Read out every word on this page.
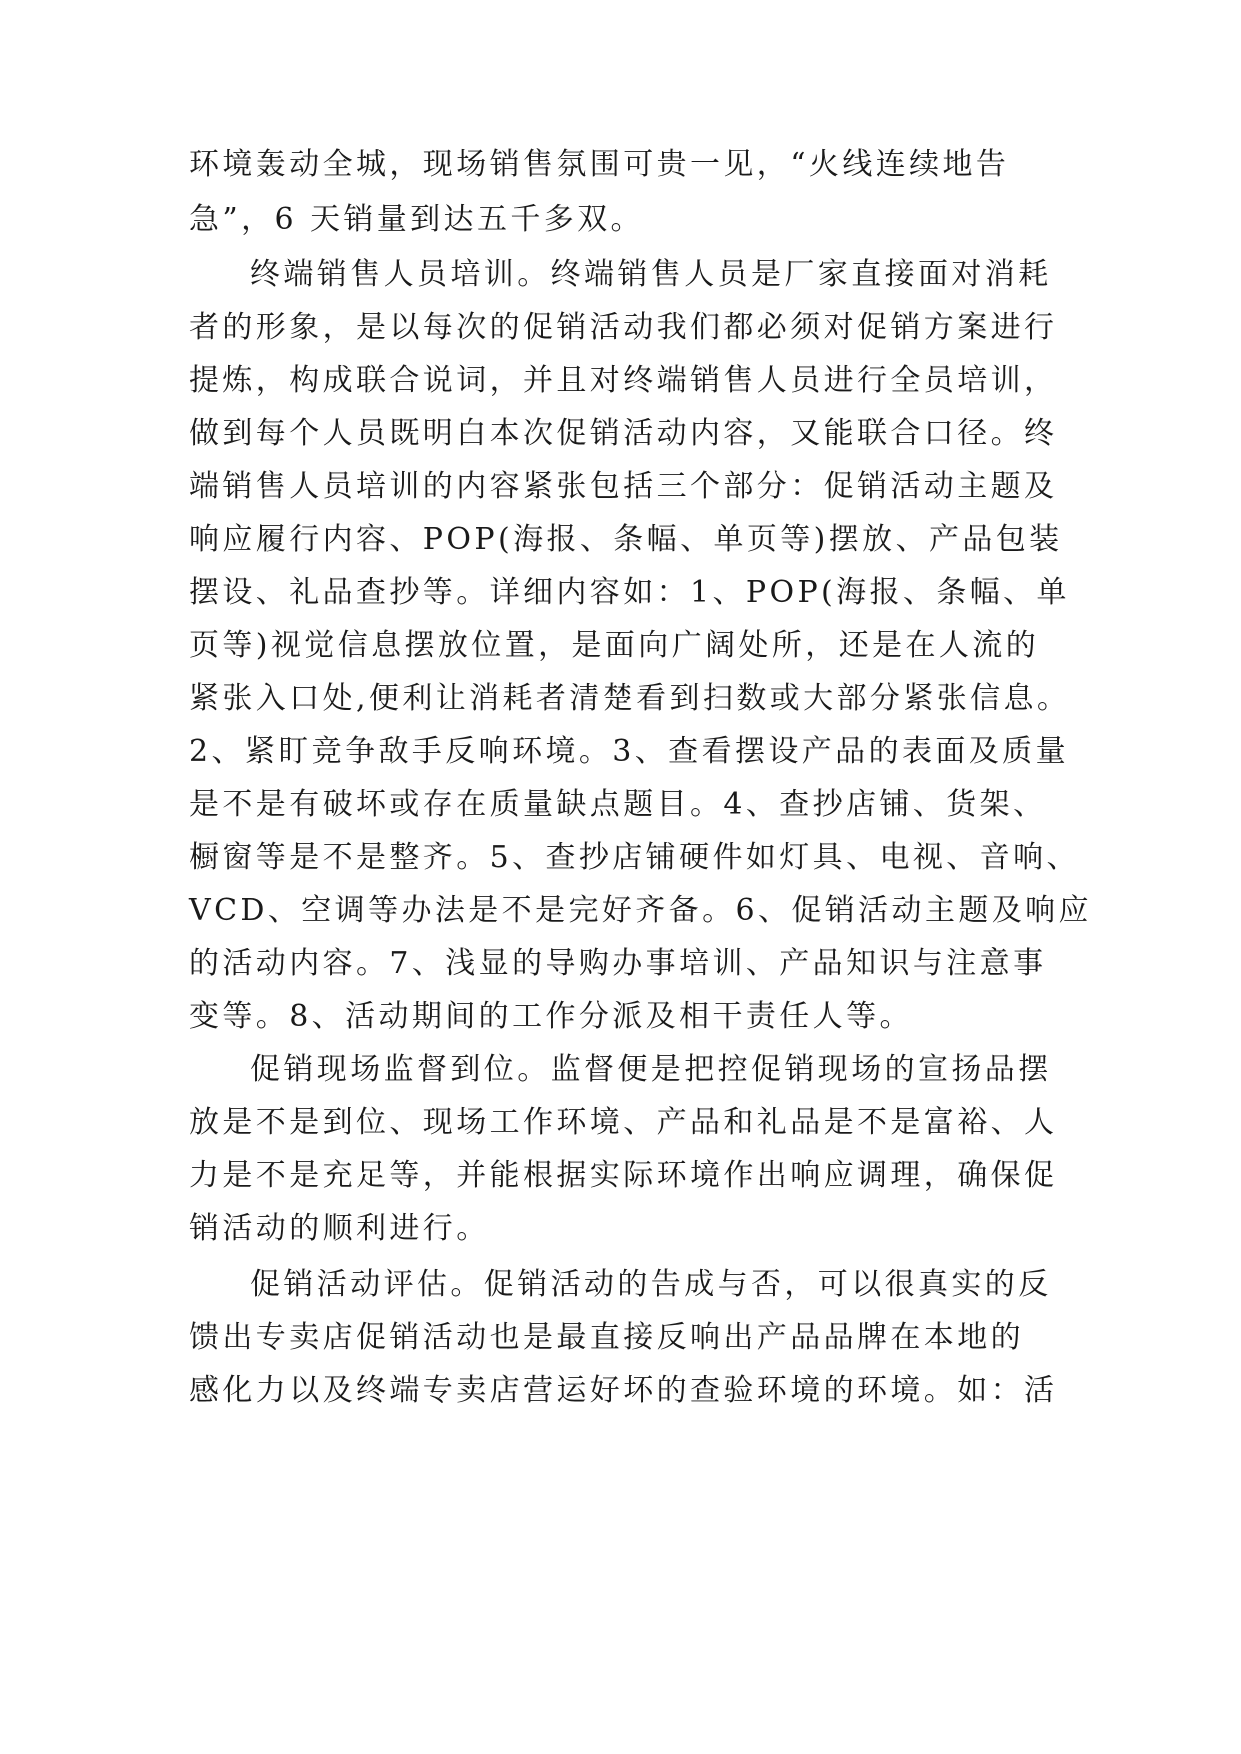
环境轰动全城，现场销售氛围可贵一见，“火线连续地告
急”，6 天销量到达五千多双。
终端销售人员培训。终端销售人员是厂家直接面对消耗
者的形象，是以每次的促销活动我们都必须对促销方案进行
提炼，构成联合说词，并且对终端销售人员进行全员培训，
做到每个人员既明白本次促销活动内容，又能联合口径。终
端销售人员培训的内容紧张包括三个部分：促销活动主题及
响应履行内容、POP(海报、条幅、单页等)摆放、产品包装
摆设、礼品查抄等。详细内容如：1、POP(海报、条幅、单
页等)视觉信息摆放位置，是面向广阔处所，还是在人流的
紧张入口处,便利让消耗者清楚看到扫数或大部分紧张信息。
2、紧盯竞争敌手反响环境。3、查看摆设产品的表面及质量
是不是有破坏或存在质量缺点题目。4、查抄店铺、货架、
橱窗等是不是整齐。5、查抄店铺硬件如灯具、电视、音响、
VCD、空调等办法是不是完好齐备。6、促销活动主题及响应
的活动内容。7、浅显的导购办事培训、产品知识与注意事
变等。8、活动期间的工作分派及相干责任人等。
促销现场监督到位。监督便是把控促销现场的宣扬品摆
放是不是到位、现场工作环境、产品和礼品是不是富裕、人
力是不是充足等，并能根据实际环境作出响应调理，确保促
销活动的顺利进行。
促销活动评估。促销活动的告成与否，可以很真实的反
馈出专卖店促销活动也是最直接反响出产品品牌在本地的
感化力以及终端专卖店营运好坏的查验环境的环境。如：活
